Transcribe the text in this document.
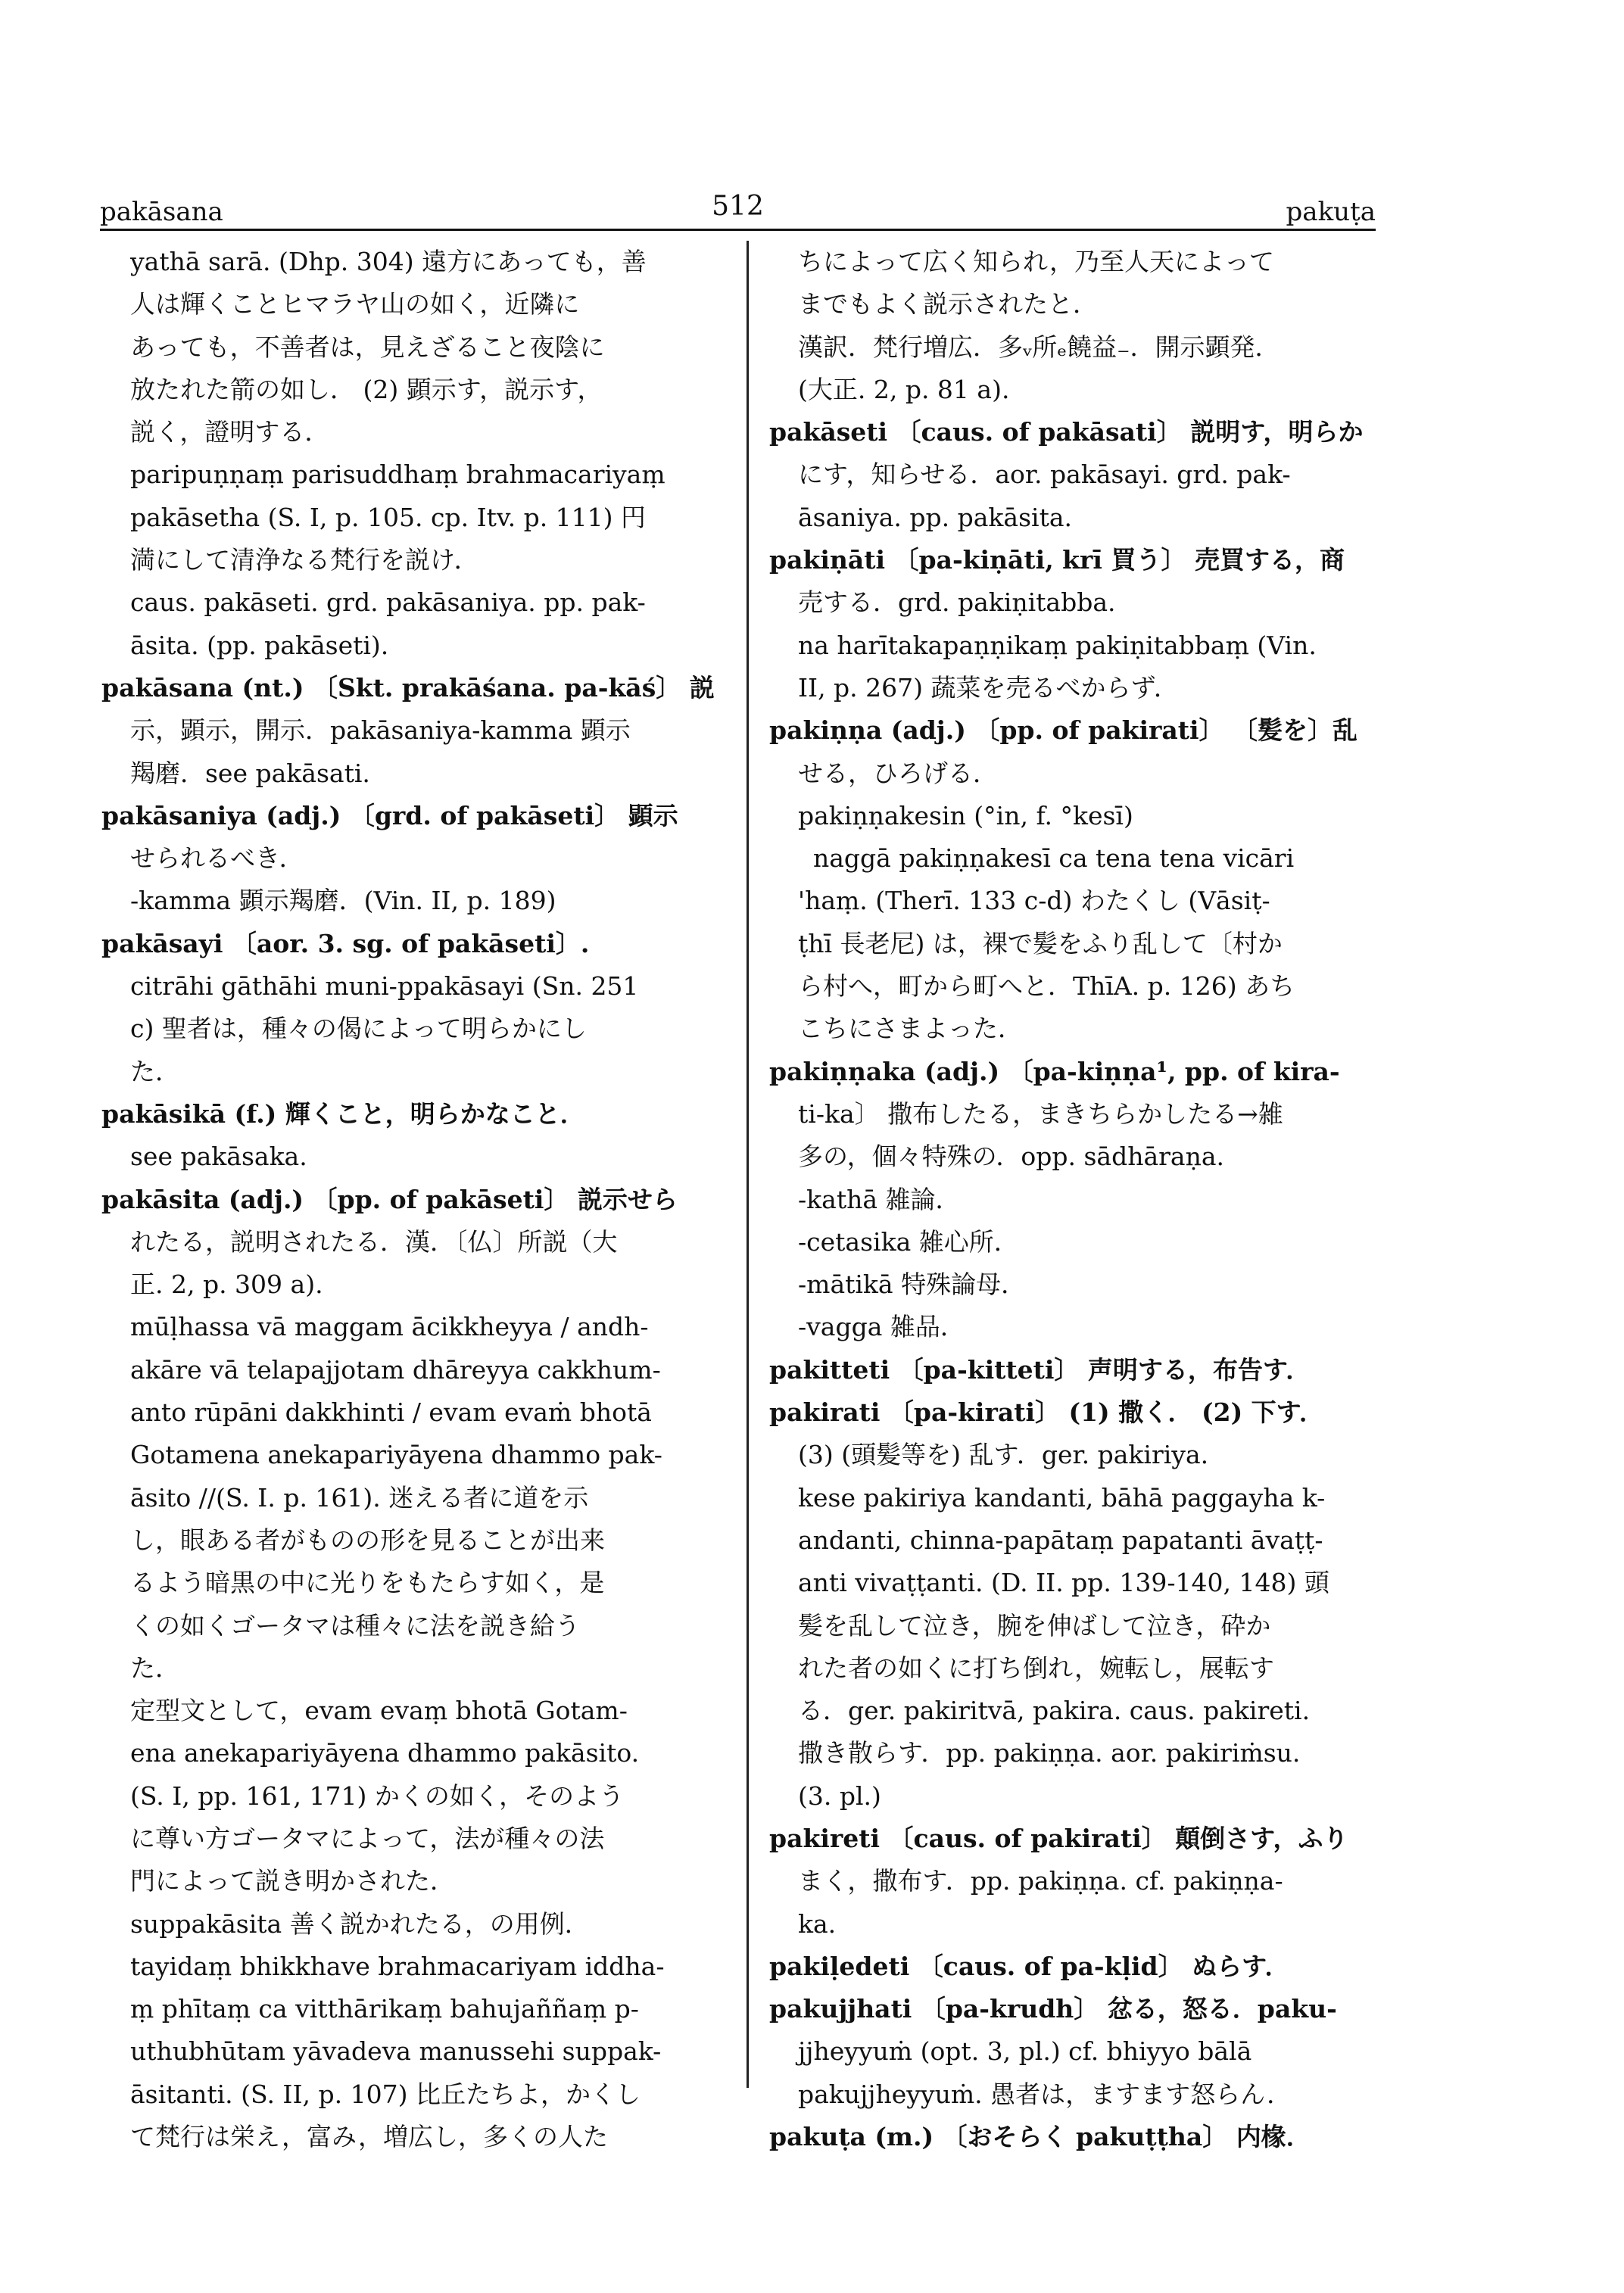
pakāsana	512	pakuṭa
yathā sarā. (Dhp. 304) 遠方にあっても，善
人は輝くことヒマラヤ山の如く，近隣に
あっても，不善者は，見えざること夜陰に
放たれた箭の如し． (2) 顕示す，説示す，
説く，證明する．
paripuṇṇaṃ parisuddhaṃ brahmacariyaṃ
pakāsetha (S. I, p. 105. cp. Itv. p. 111) 円
満にして清浄なる梵行を説け．
caus. pakāseti. grd. pakāsaniya. pp. pak-
āsita. (pp. pakāseti).
pakāsana (nt.) 〔Skt. prakāśana. pa-kāś〕 説
示，顕示，開示．pakāsaniya-kamma 顕示
羯磨．see pakāsati.
pakāsaniya (adj.) 〔grd. of pakāseti〕 顕示
せられるべき．
-kamma 顕示羯磨．(Vin. II, p. 189)
pakāsayi 〔aor. 3. sg. of pakāseti〕.
citrāhi gāthāhi muni-ppakāsayi (Sn. 251
c) 聖者は，種々の偈によって明らかにし
た．
pakāsikā (f.) 輝くこと，明らかなこと．
see pakāsaka.
pakāsita (adj.) 〔pp. of pakāseti〕 説示せら
れたる，説明されたる．漢．〔仏〕所説（大
正. 2, p. 309 a).
mūḷhassa vā maggam ācikkheyya / andh-
akāre vā telapajjotam dhāreyya cakkhum-
anto rūpāni dakkhinti / evam evaṁ bhotā
Gotamena anekapariyāyena dhammo pak-
āsito //(S. I. p. 161). 迷える者に道を示
し，眼ある者がものの形を見ることが出来
るよう暗黒の中に光りをもたらす如く，是
くの如くゴータマは種々に法を説き給う
た．
定型文として，evam evaṃ bhotā Gotam-
ena anekapariyāyena dhammo pakāsito.
(S. I, pp. 161, 171) かくの如く，そのよう
に尊い方ゴータマによって，法が種々の法
門によって説き明かされた．
suppakāsita 善く説かれたる，の用例．
tayidaṃ bhikkhave brahmacariyam iddha-
ṃ phītaṃ ca vitthārikaṃ bahujaññaṃ p-
uthubhūtam yāvadeva manussehi suppak-
āsitanti. (S. II, p. 107) 比丘たちよ，かくし
て梵行は栄え，富み，増広し，多くの人た
ちによって広く知られ，乃至人天によって
までもよく説示されたと．
漢訳．梵行増広．多ᵥ所ₑ饒益₋．開示顕発．
(大正. 2, p. 81 a).
pakāseti 〔caus. of pakāsati〕 説明す，明らか
にす，知らせる．aor. pakāsayi. grd. pak-
āsaniya. pp. pakāsita.
pakiṇāti 〔pa-kiṇāti, krī 買う〕 売買する，商
売する．grd. pakiṇitabba.
na harītakapaṇṇikaṃ pakiṇitabbaṃ (Vin.
II, p. 267) 蔬菜を売るべからず．
pakiṇṇa (adj.) 〔pp. of pakirati〕 〔髪を〕乱
せる，ひろげる．
pakiṇṇakesin (°in, f. °kesī)
naggā pakiṇṇakesī ca tena tena vicāri
'haṃ. (Therī. 133 c-d) わたくし (Vāsiṭ-
ṭhī 長老尼) は，裸で髪をふり乱して〔村か
ら村へ，町から町へと．ThīA. p. 126) あち
こちにさまよった．
pakiṇṇaka (adj.) 〔pa-kiṇṇa¹, pp. of kira-
ti-ka〕 撒布したる，まきちらかしたる→雑
多の，個々特殊の．opp. sādhāraṇa.
-kathā 雑論．
-cetasika 雑心所．
-mātikā 特殊論母．
-vagga 雑品．
pakitteti 〔pa-kitteti〕 声明する，布告す．
pakirati 〔pa-kirati〕 (1) 撒く． (2) 下す．
(3) (頭髪等を) 乱す．ger. pakiriya.
kese pakiriya kandanti, bāhā paggayha k-
andanti, chinna-papātaṃ papatanti āvaṭṭ-
anti vivaṭṭanti. (D. II. pp. 139-140, 148) 頭
髪を乱して泣き，腕を伸ばして泣き，砕か
れた者の如くに打ち倒れ，婉転し，展転す
る．ger. pakiritvā, pakira. caus. pakireti.
撒き散らす．pp. pakiṇṇa. aor. pakiriṁsu.
(3. pl.)
pakireti 〔caus. of pakirati〕 顛倒さす，ふり
まく，撒布す．pp. pakiṇṇa. cf. pakiṇṇa-
ka.
pakiḷedeti 〔caus. of pa-kḷid〕 ぬらす．
pakujjhati 〔pa-krudh〕 忿る，怒る．paku-
jjheyyuṁ (opt. 3, pl.) cf. bhiyyo bālā
pakujjheyyuṁ. 愚者は，ますます怒らん．
pakuṭa (m.) 〔おそらく pakuṭṭha〕 内椽．
